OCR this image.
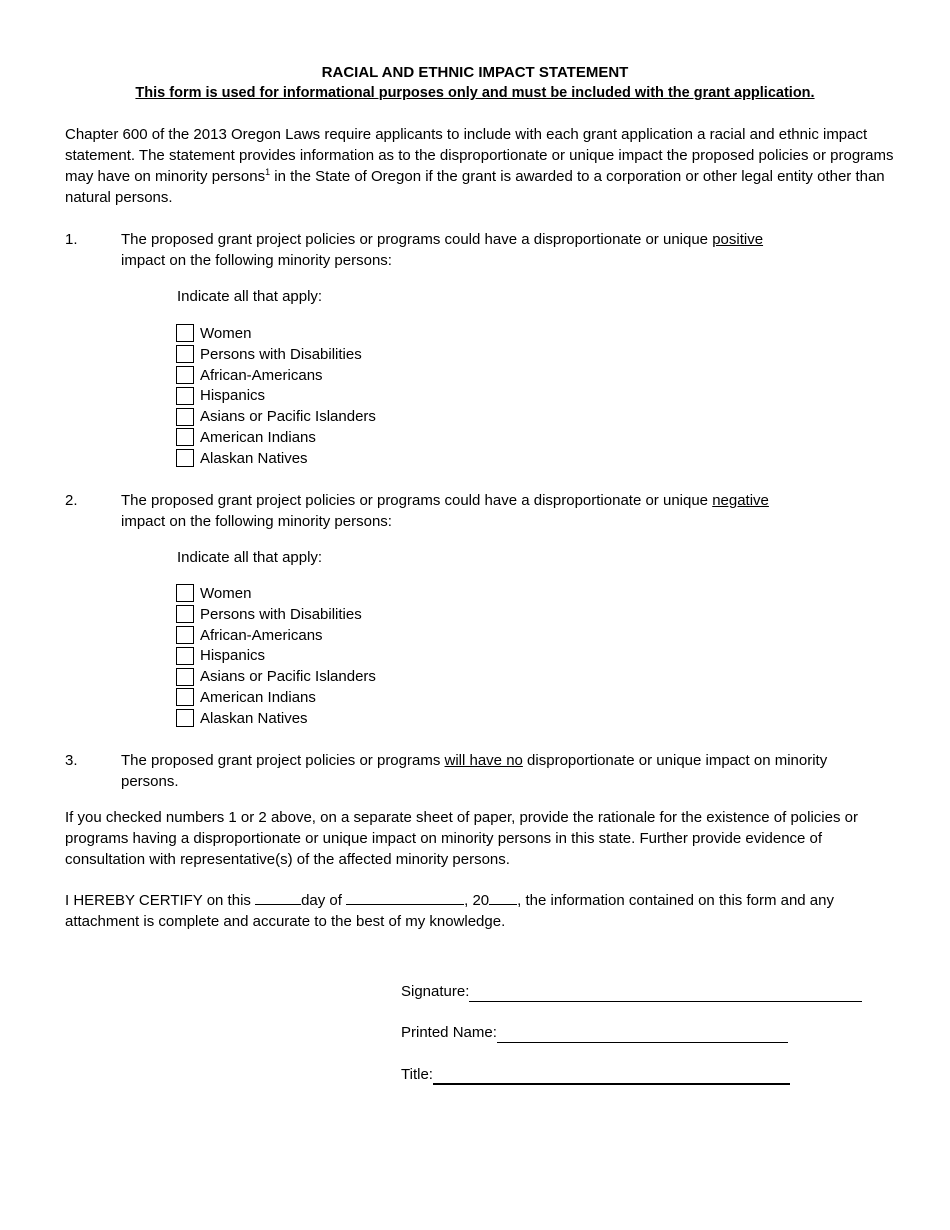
RACIAL AND ETHNIC IMPACT STATEMENT
This form is used for informational purposes only and must be included with the grant application.
Chapter 600 of the 2013 Oregon Laws require applicants to include with each grant application a racial and ethnic impact statement. The statement provides information as to the disproportionate or unique impact the proposed policies or programs may have on minority persons$^1$ in the State of Oregon if the grant is awarded to a corporation or other legal entity other than natural persons.
1.	The proposed grant project policies or programs could have a disproportionate or unique positive
impact on the following minority persons:
Indicate all that apply:
Women
Persons with Disabilities
African-Americans
Hispanics
Asians or Pacific Islanders
American Indians
Alaskan Natives
2.	The proposed grant project policies or programs could have a disproportionate or unique negative
impact on the following minority persons:
Indicate all that apply:
Women
Persons with Disabilities
African-Americans
Hispanics
Asians or Pacific Islanders
American Indians
Alaskan Natives
3.	The proposed grant project policies or programs will have no disproportionate or unique impact on minority persons.
If you checked numbers 1 or 2 above, on a separate sheet of paper, provide the rationale for the existence of policies or programs having a disproportionate or unique impact on minority persons in this state. Further provide evidence of consultation with representative(s) of the affected minority persons.
I HEREBY CERTIFY on this	day of	, 20 , the information contained on this form and any attachment is complete and accurate to the best of my knowledge.
Signature:
Printed Name:
Title:
